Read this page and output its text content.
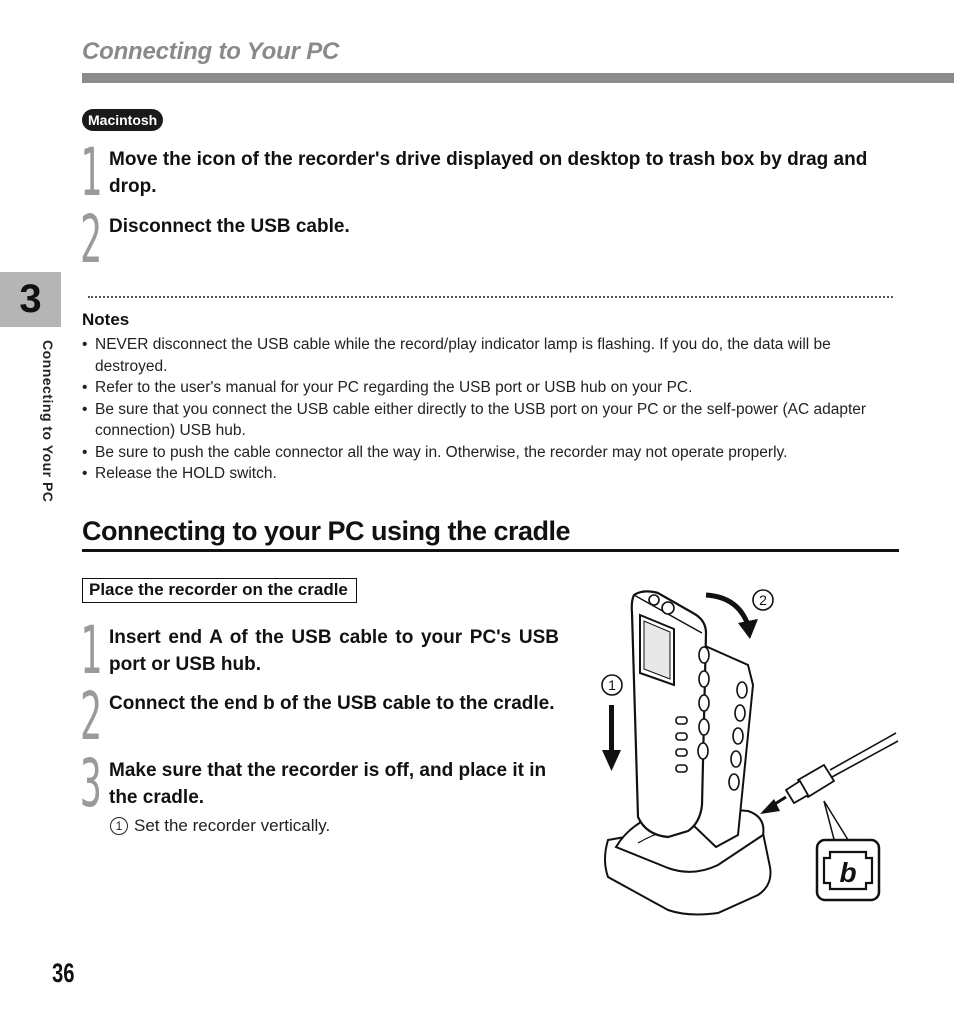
Connecting to Your PC
3
Connecting to Your PC
Macintosh
1 Move the icon of the recorder's drive displayed on desktop to trash box by drag and drop.
2 Disconnect the USB cable.
Notes
• NEVER disconnect the USB cable while the record/play indicator lamp is flashing. If you do, the data will be destroyed.
• Refer to the user's manual for your PC regarding the USB port or USB hub on your PC.
• Be sure that you connect the USB cable either directly to the USB port on your PC or the self-power (AC adapter connection) USB hub.
• Be sure to push the cable connector all the way in. Otherwise, the recorder may not operate properly.
• Release the HOLD switch.
Connecting to your PC using the cradle
Place the recorder on the cradle
1 Insert end A of the USB cable to your PC's USB port or USB hub.
2 Connect the end b of the USB cable to the cradle.
3 Make sure that the recorder is off, and place it in the cradle.
1 Set the recorder vertically.
b
1
2
36
